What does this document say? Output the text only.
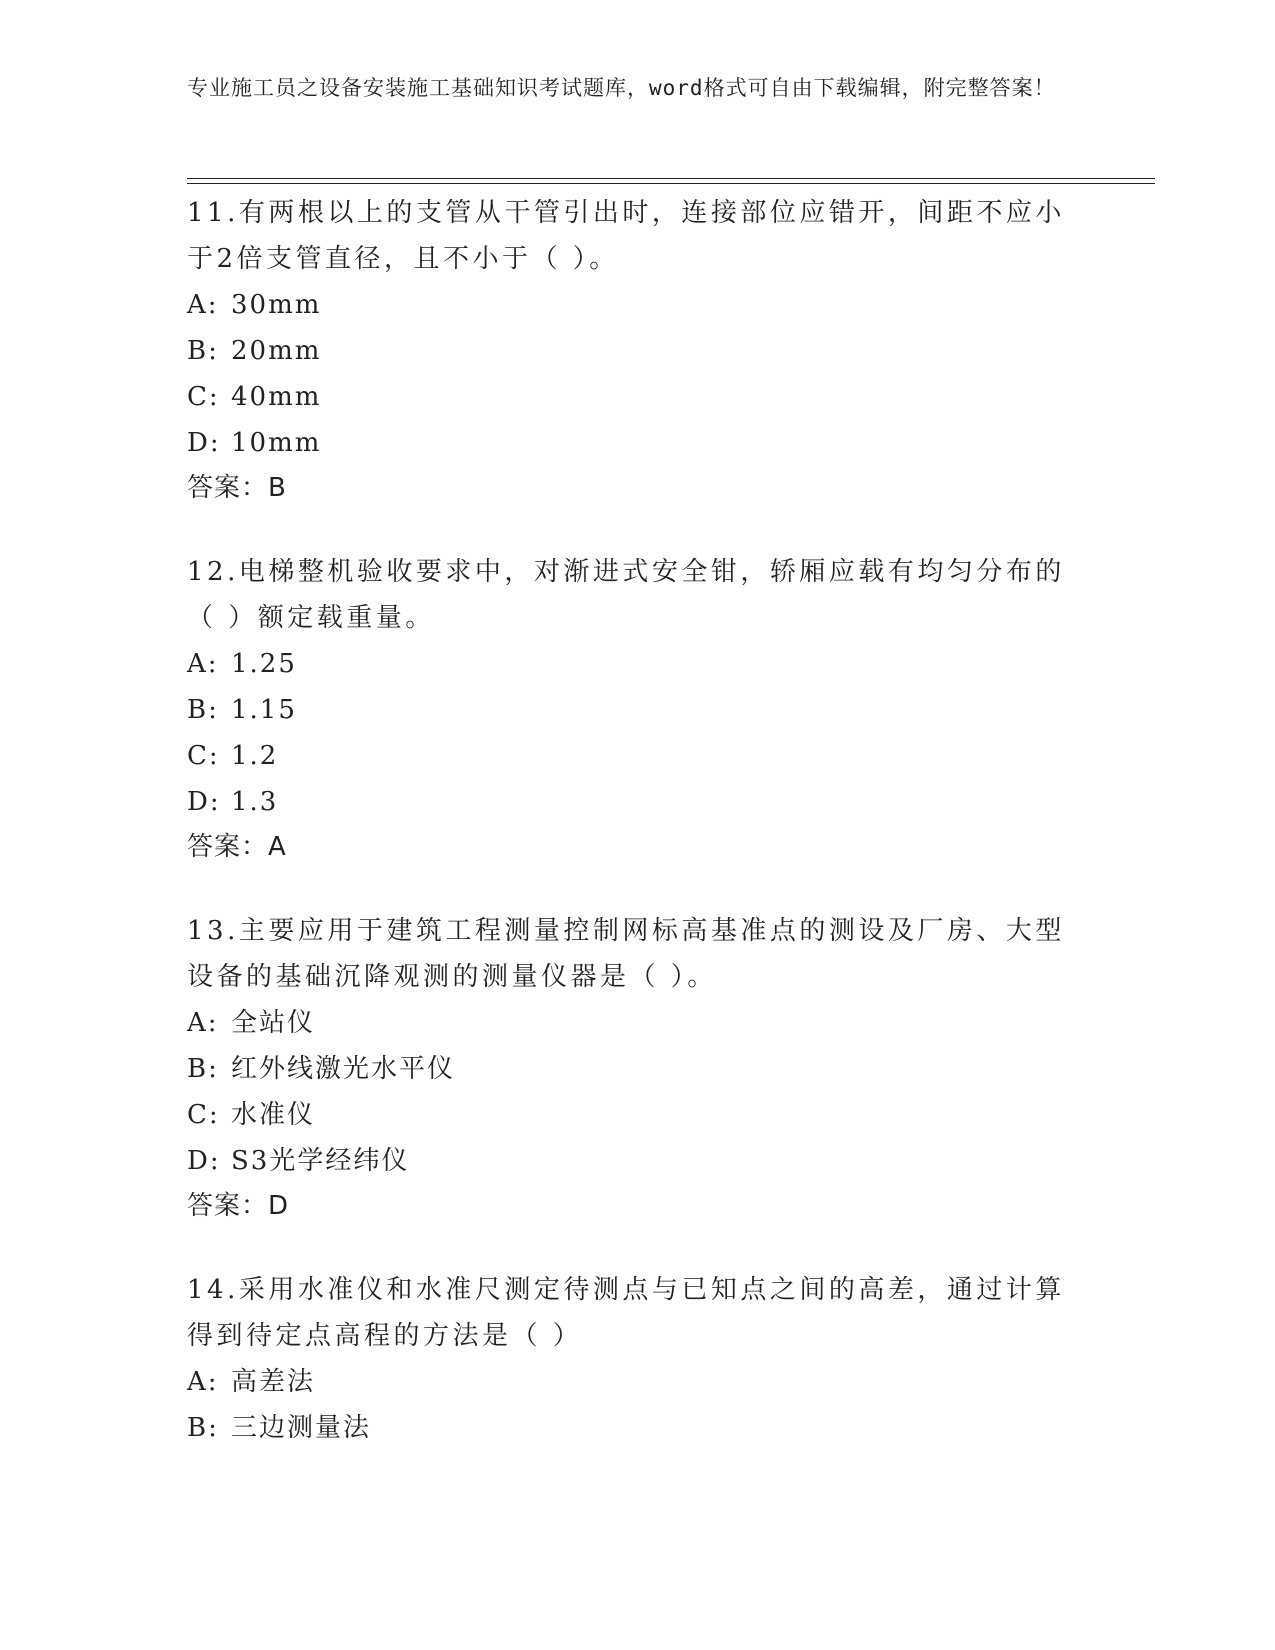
专业施工员之设备安装施工基础知识考试题库，word格式可自由下载编辑，附完整答案！

11.有两根以上的支管从干管引出时，连接部位应错开，间距不应小于2倍支管直径，且不小于（ ）。

A: 30mm

B: 20mm

C: 40mm

D: 10mm

答案：B

12.电梯整机验收要求中，对渐进式安全钳，轿厢应载有均匀分布的（ ）额定载重量。

A: 1.25

B: 1.15

C: 1.2

D: 1.3

答案：A

13.主要应用于建筑工程测量控制网标高基准点的测设及厂房、大型设备的基础沉降观测的测量仪器是（ ）。

A: 全站仪

B: 红外线激光水平仪

C: 水准仪

D: S3光学经纬仪

答案：D

14.采用水准仪和水准尺测定待测点与已知点之间的高差，通过计算得到待定点高程的方法是（ ）

A: 高差法

B: 三边测量法
